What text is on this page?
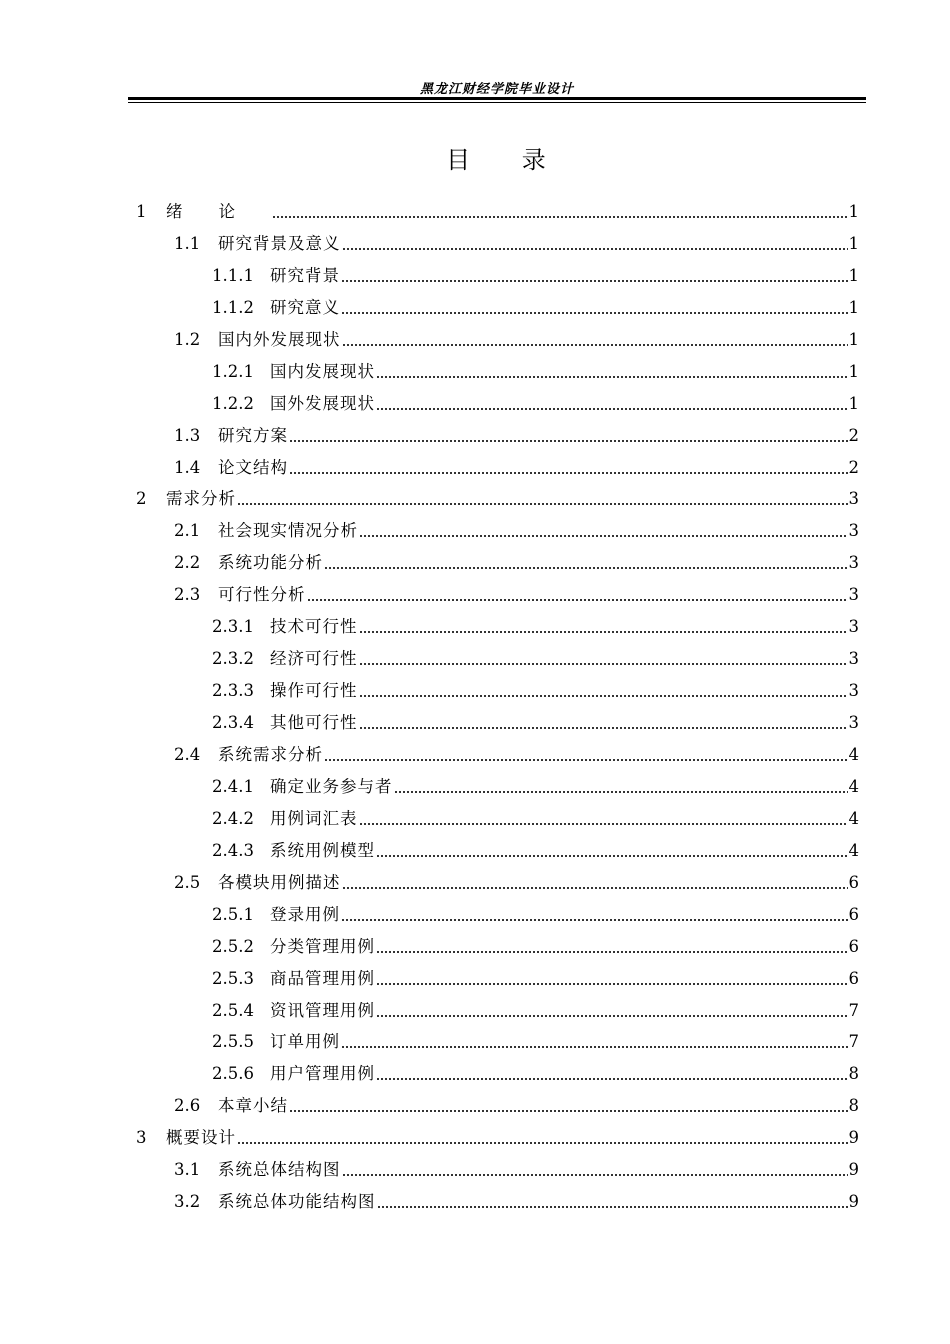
黑龙江财经学院毕业设计
目 录
1	绪论	1
1.1	研究背景及意义	1
1.1.1 研究背景	1
1.1.2 研究意义	1
1.2	国内外发展现状	1
1.2.1 国内发展现状	1
1.2.2 国外发展现状	1
1.3	研究方案	2
1.4	论文结构	2
2	需求分析	3
2.1	社会现实情况分析	3
2.2	系统功能分析	3
2.3	可行性分析	3
2.3.1 技术可行性	3
2.3.2 经济可行性	3
2.3.3 操作可行性	3
2.3.4 其他可行性	3
2.4	系统需求分析	4
2.4.1 确定业务参与者	4
2.4.2 用例词汇表	4
2.4.3 系统用例模型	4
2.5	各模块用例描述	6
2.5.1 登录用例	6
2.5.2 分类管理用例	6
2.5.3 商品管理用例	6
2.5.4 资讯管理用例	7
2.5.5 订单用例	7
2.5.6 用户管理用例	8
2.6	本章小结	8
3	概要设计	9
3.1	系统总体结构图	9
3.2	系统总体功能结构图	9
